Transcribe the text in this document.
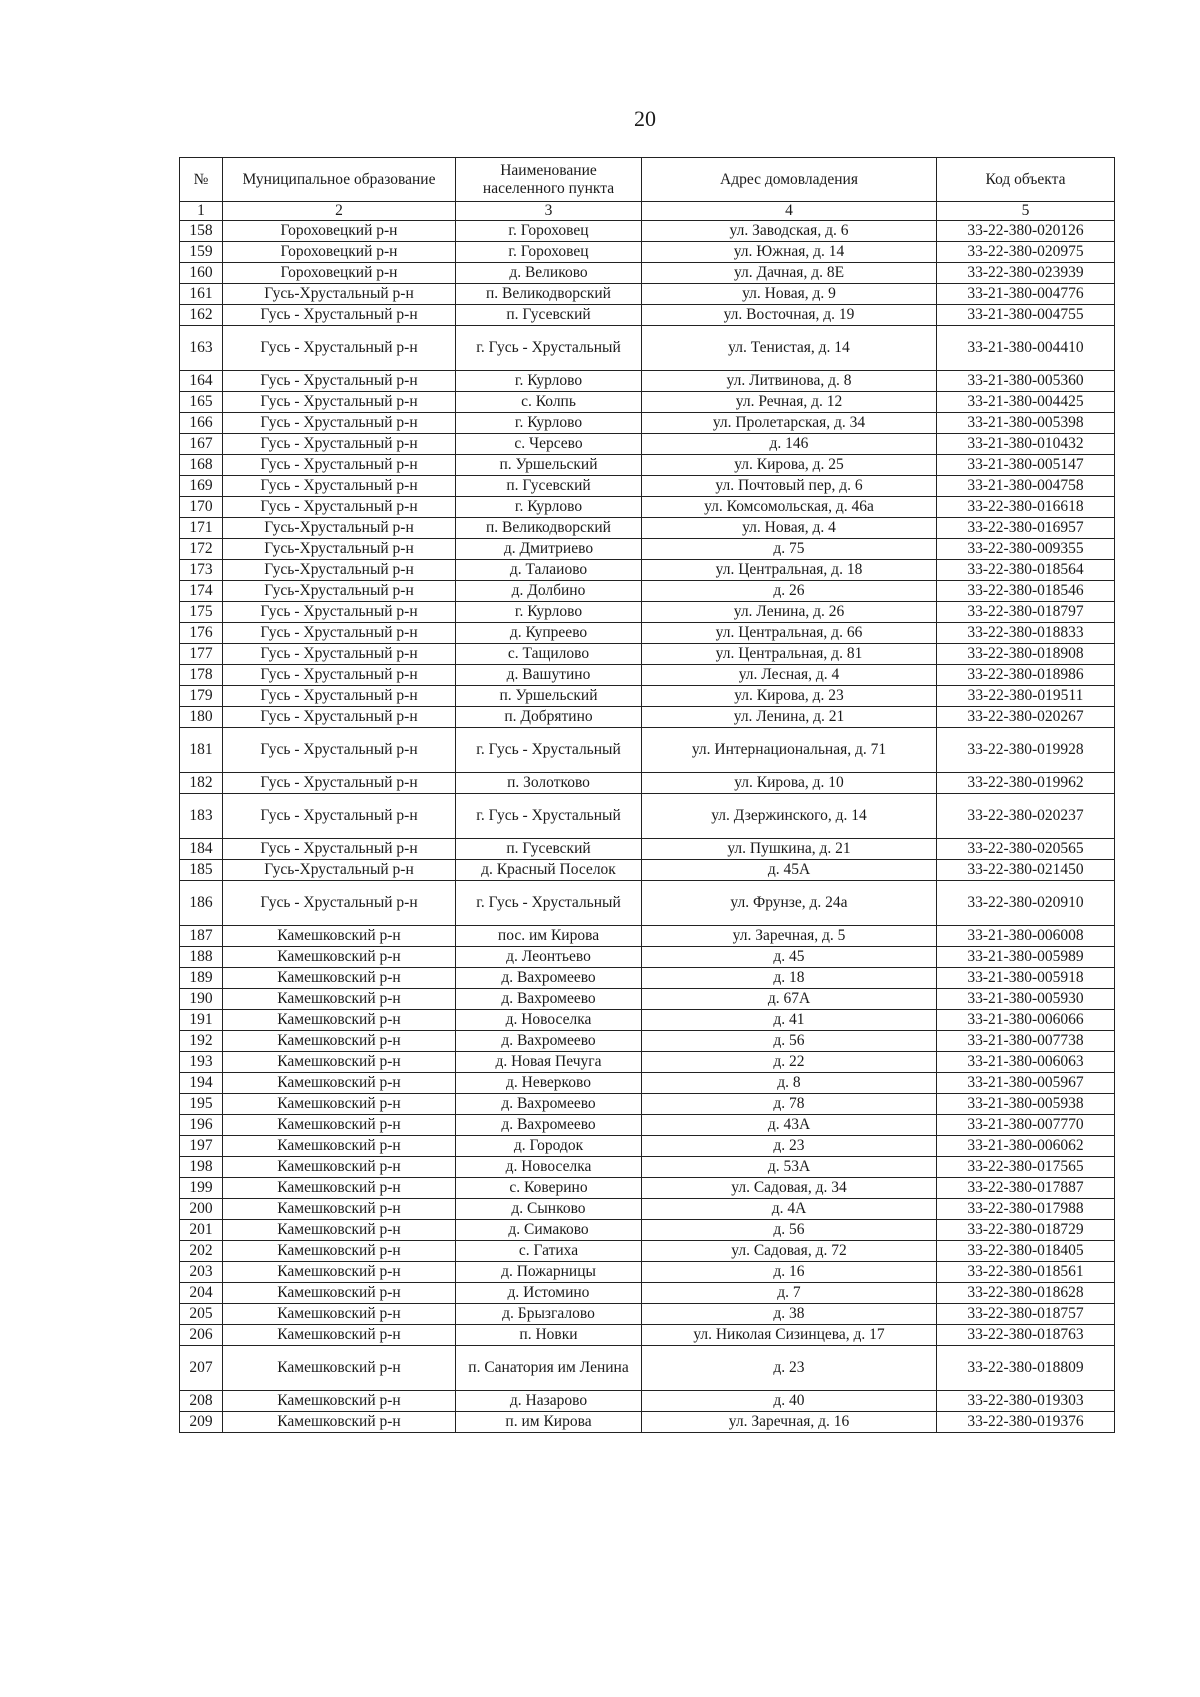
20
№	Муниципальное образование	Наименование населенного пункта	Адрес домовладения	Код объекта
1	2	3	4	5
158	Гороховецкий р-н	г. Гороховец	ул. Заводская, д. 6	33-22-380-020126
159	Гороховецкий р-н	г. Гороховец	ул. Южная, д. 14	33-22-380-020975
160	Гороховецкий р-н	д. Великово	ул. Дачная, д. 8Е	33-22-380-023939
161	Гусь-Хрустальный р-н	п. Великодворский	ул. Новая, д. 9	33-21-380-004776
162	Гусь - Хрустальный р-н	п. Гусевский	ул. Восточная, д. 19	33-21-380-004755
163	Гусь - Хрустальный р-н	г. Гусь - Хрустальный	ул. Тенистая, д. 14	33-21-380-004410
164	Гусь - Хрустальный р-н	г. Курлово	ул. Литвинова, д. 8	33-21-380-005360
165	Гусь - Хрустальный р-н	с. Колпь	ул. Речная, д. 12	33-21-380-004425
166	Гусь - Хрустальный р-н	г. Курлово	ул. Пролетарская, д. 34	33-21-380-005398
167	Гусь - Хрустальный р-н	с. Черсево	д. 146	33-21-380-010432
168	Гусь - Хрустальный р-н	п. Уршельский	ул. Кирова, д. 25	33-21-380-005147
169	Гусь - Хрустальный р-н	п. Гусевский	ул. Почтовый пер, д. 6	33-21-380-004758
170	Гусь - Хрустальный р-н	г. Курлово	ул. Комсомольская, д. 46а	33-22-380-016618
171	Гусь-Хрустальный р-н	п. Великодворский	ул. Новая, д. 4	33-22-380-016957
172	Гусь-Хрустальный р-н	д. Дмитриево	д. 75	33-22-380-009355
173	Гусь-Хрустальный р-н	д. Талаиово	ул. Центральная, д. 18	33-22-380-018564
174	Гусь-Хрустальный р-н	д. Долбино	д. 26	33-22-380-018546
175	Гусь - Хрустальный р-н	г. Курлово	ул. Ленина, д. 26	33-22-380-018797
176	Гусь - Хрустальный р-н	д. Купреево	ул. Центральная, д. 66	33-22-380-018833
177	Гусь - Хрустальный р-н	с. Тащилово	ул. Центральная, д. 81	33-22-380-018908
178	Гусь - Хрустальный р-н	д. Вашутино	ул. Лесная, д. 4	33-22-380-018986
179	Гусь - Хрустальный р-н	п. Уршельский	ул. Кирова, д. 23	33-22-380-019511
180	Гусь - Хрустальный р-н	п. Добрятино	ул. Ленина, д. 21	33-22-380-020267
181	Гусь - Хрустальный р-н	г. Гусь - Хрустальный	ул. Интернациональная, д. 71	33-22-380-019928
182	Гусь - Хрустальный р-н	п. Золотково	ул. Кирова, д. 10	33-22-380-019962
183	Гусь - Хрустальный р-н	г. Гусь - Хрустальный	ул. Дзержинского, д. 14	33-22-380-020237
184	Гусь - Хрустальный р-н	п. Гусевский	ул. Пушкина, д. 21	33-22-380-020565
185	Гусь-Хрустальный р-н	д. Красный Поселок	д. 45А	33-22-380-021450
186	Гусь - Хрустальный р-н	г. Гусь - Хрустальный	ул. Фрунзе, д. 24а	33-22-380-020910
187	Камешковский р-н	пос. им Кирова	ул. Заречная, д. 5	33-21-380-006008
188	Камешковский р-н	д. Леонтьево	д. 45	33-21-380-005989
189	Камешковский р-н	д. Вахромеево	д. 18	33-21-380-005918
190	Камешковский р-н	д. Вахромеево	д. 67А	33-21-380-005930
191	Камешковский р-н	д. Новоселка	д. 41	33-21-380-006066
192	Камешковский р-н	д. Вахромеево	д. 56	33-21-380-007738
193	Камешковский р-н	д. Новая Печуга	д. 22	33-21-380-006063
194	Камешковский р-н	д. Неверково	д. 8	33-21-380-005967
195	Камешковский р-н	д. Вахромеево	д. 78	33-21-380-005938
196	Камешковский р-н	д. Вахромеево	д. 43А	33-21-380-007770
197	Камешковский р-н	д. Городок	д. 23	33-21-380-006062
198	Камешковский р-н	д. Новоселка	д. 53А	33-22-380-017565
199	Камешковский р-н	с. Коверино	ул. Садовая, д. 34	33-22-380-017887
200	Камешковский р-н	д. Сынково	д. 4А	33-22-380-017988
201	Камешковский р-н	д. Симаково	д. 56	33-22-380-018729
202	Камешковский р-н	с. Гатиха	ул. Садовая, д. 72	33-22-380-018405
203	Камешковский р-н	д. Пожарницы	д. 16	33-22-380-018561
204	Камешковский р-н	д. Истомино	д. 7	33-22-380-018628
205	Камешковский р-н	д. Брызгалово	д. 38	33-22-380-018757
206	Камешковский р-н	п. Новки	ул. Николая Сизинцева, д. 17	33-22-380-018763
207	Камешковский р-н	п. Санатория им Ленина	д. 23	33-22-380-018809
208	Камешковский р-н	д. Назарово	д. 40	33-22-380-019303
209	Камешковский р-н	п. им Кирова	ул. Заречная, д. 16	33-22-380-019376
